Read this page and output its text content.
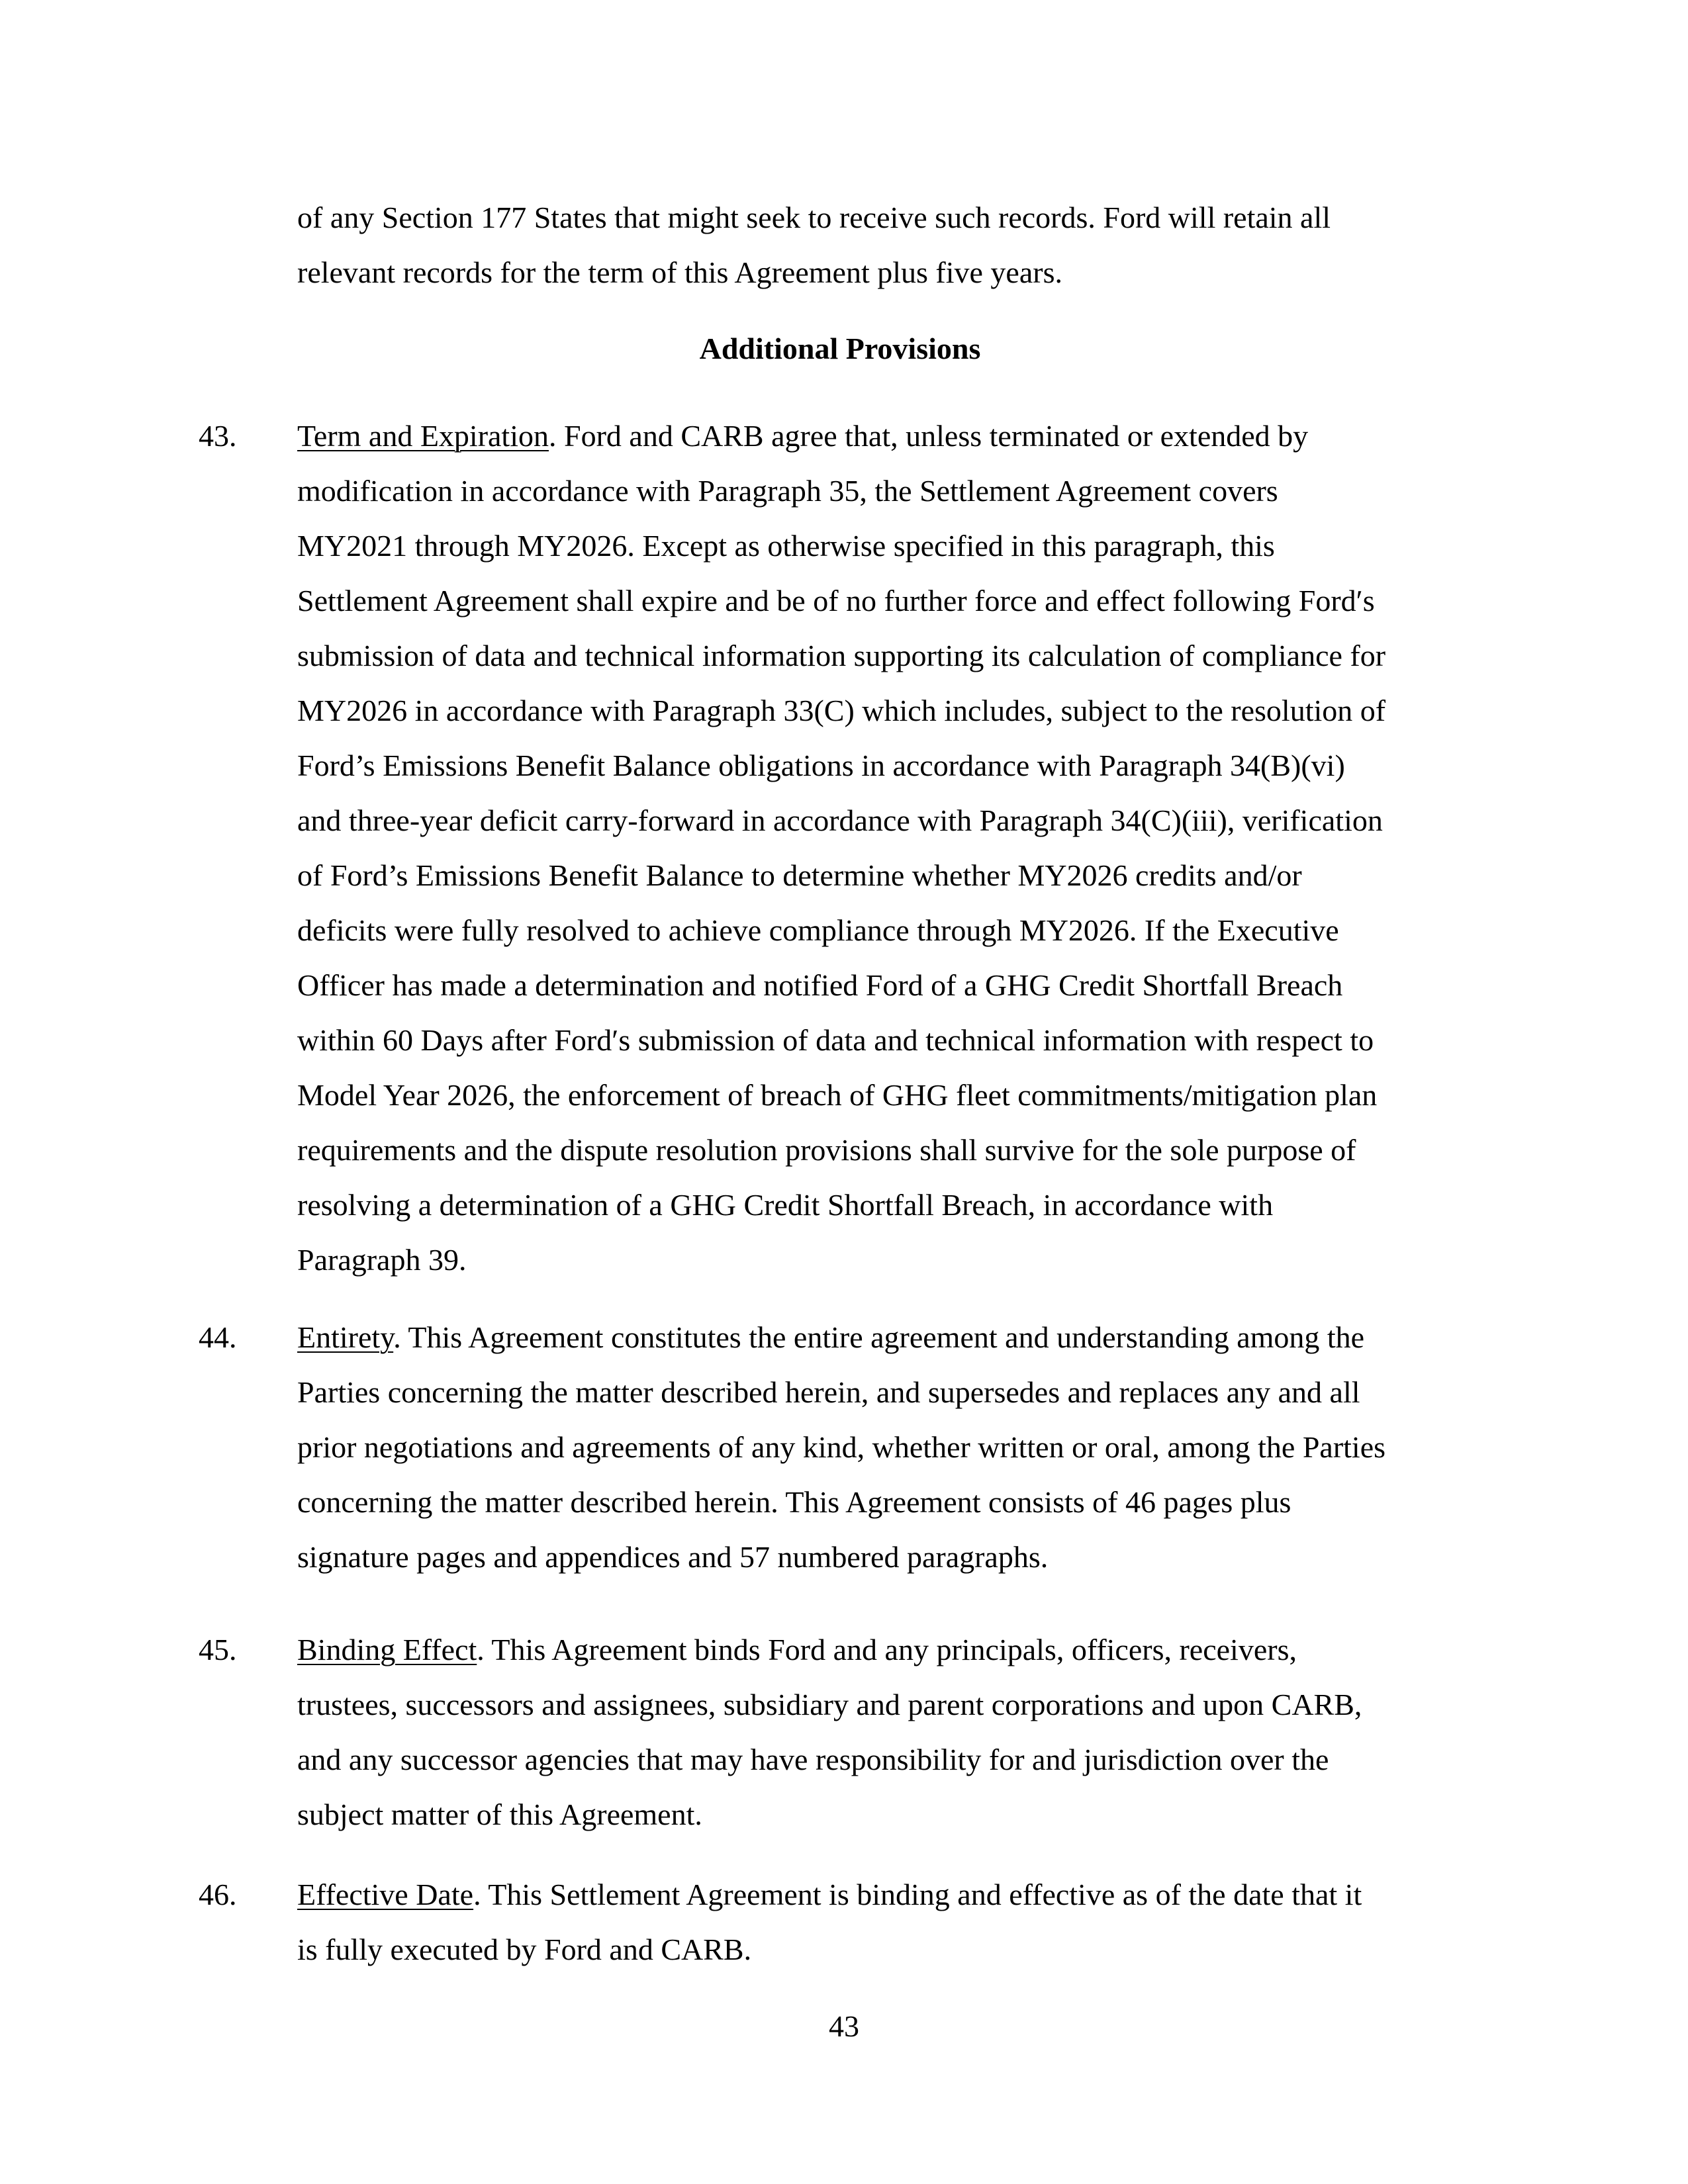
of any Section 177 States that might seek to receive such records. Ford will retain all
relevant records for the term of this Agreement plus five years.
Additional Provisions
43. Term and Expiration. Ford and CARB agree that, unless terminated or extended by
modification in accordance with Paragraph 35, the Settlement Agreement covers
MY2021 through MY2026. Except as otherwise specified in this paragraph, this
Settlement Agreement shall expire and be of no further force and effect following Fordʹs
submission of data and technical information supporting its calculation of compliance for
MY2026 in accordance with Paragraph 33(C) which includes, subject to the resolution of
Ford’s Emissions Benefit Balance obligations in accordance with Paragraph 34(B)(vi)
and three-year deficit carry-forward in accordance with Paragraph 34(C)(iii), verification
of Ford’s Emissions Benefit Balance to determine whether MY2026 credits and/or
deficits were fully resolved to achieve compliance through MY2026. If the Executive
Officer has made a determination and notified Ford of a GHG Credit Shortfall Breach
within 60 Days after Fordʹs submission of data and technical information with respect to
Model Year 2026, the enforcement of breach of GHG fleet commitments/mitigation plan
requirements and the dispute resolution provisions shall survive for the sole purpose of
resolving a determination of a GHG Credit Shortfall Breach, in accordance with
Paragraph 39.
44. Entirety. This Agreement constitutes the entire agreement and understanding among the
Parties concerning the matter described herein, and supersedes and replaces any and all
prior negotiations and agreements of any kind, whether written or oral, among the Parties
concerning the matter described herein. This Agreement consists of 46 pages plus
signature pages and appendices and 57 numbered paragraphs.
45. Binding Effect. This Agreement binds Ford and any principals, officers, receivers,
trustees, successors and assignees, subsidiary and parent corporations and upon CARB,
and any successor agencies that may have responsibility for and jurisdiction over the
subject matter of this Agreement.
46. Effective Date. This Settlement Agreement is binding and effective as of the date that it
is fully executed by Ford and CARB.
43
